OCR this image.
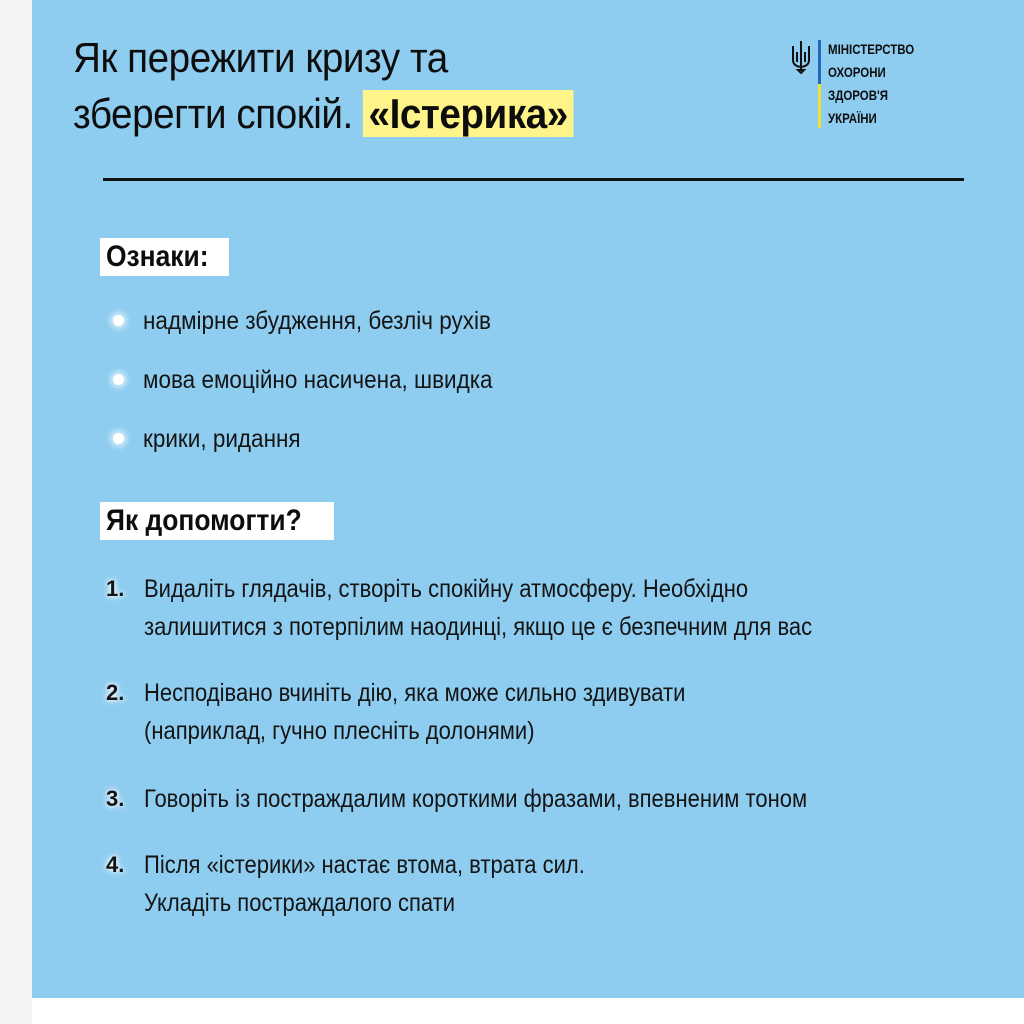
Як пережити кризу та
зберегти спокій. «Істерика»
МІНІСТЕРСТВО
ОХОРОНИ
ЗДОРОВ'Я
УКРАЇНИ
Ознаки:
надмірне збудження, безліч рухів
мова емоційно насичена, швидка
крики, ридання
Як допомогти?
1. Видаліть глядачів, створіть спокійну атмосферу. Необхідно
залишитися з потерпілим наодинці, якщо це є безпечним для вас
2. Несподівано вчиніть дію, яка може сильно здивувати
(наприклад, гучно плесніть долонями)
3. Говоріть із постраждалим короткими фразами, впевненим тоном
4. Після «істерики» настає втома, втрата сил.
Укладіть постраждалого спати
